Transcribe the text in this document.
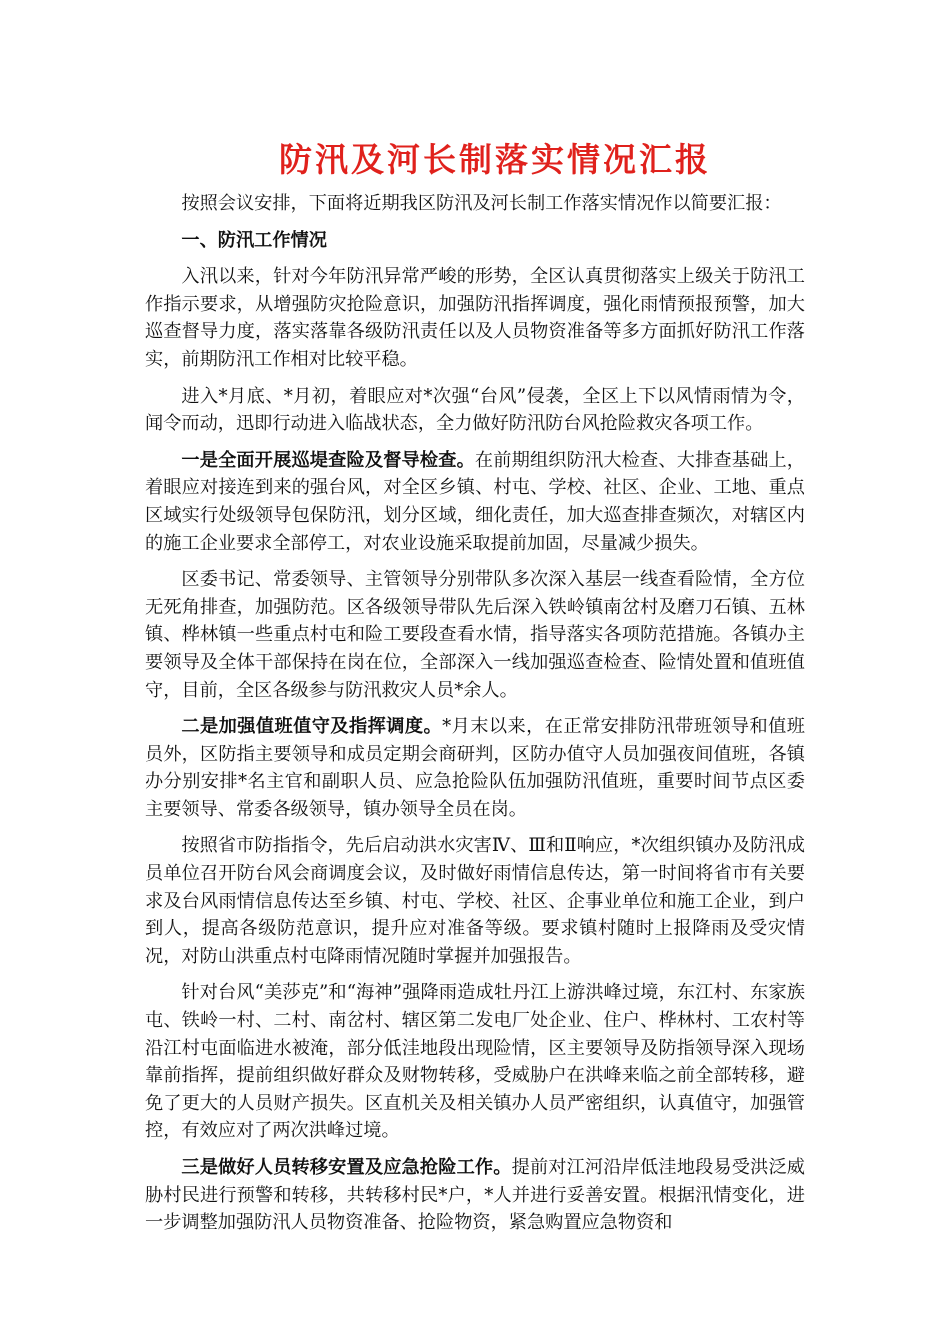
防汛及河长制落实情况汇报

按照会议安排，下面将近期我区防汛及河长制工作落实情况作以简要汇报：

一、防汛工作情况

入汛以来，针对今年防汛异常严峻的形势，全区认真贯彻落实上级关于防汛工作指示要求，从增强防灾抢险意识，加强防汛指挥调度，强化雨情预报预警，加大巡查督导力度，落实落靠各级防汛责任以及人员物资准备等多方面抓好防汛工作落实，前期防汛工作相对比较平稳。

进入*月底、*月初，着眼应对*次强“台风”侵袭，全区上下以风情雨情为令，闻令而动，迅即行动进入临战状态，全力做好防汛防台风抢险救灾各项工作。

一是全面开展巡堤查险及督导检查。在前期组织防汛大检查、大排查基础上，着眼应对接连到来的强台风，对全区乡镇、村屯、学校、社区、企业、工地、重点区域实行处级领导包保防汛，划分区域，细化责任，加大巡查排查频次，对辖区内的施工企业要求全部停工，对农业设施采取提前加固，尽量减少损失。

区委书记、常委领导、主管领导分别带队多次深入基层一线查看险情，全方位无死角排查，加强防范。区各级领导带队先后深入铁岭镇南岔村及磨刀石镇、五林镇、桦林镇一些重点村屯和险工要段查看水情，指导落实各项防范措施。各镇办主要领导及全体干部保持在岗在位，全部深入一线加强巡查检查、险情处置和值班值守，目前，全区各级参与防汛救灾人员*余人。

二是加强值班值守及指挥调度。*月末以来，在正常安排防汛带班领导和值班员外，区防指主要领导和成员定期会商研判，区防办值守人员加强夜间值班，各镇办分别安排*名主官和副职人员、应急抢险队伍加强防汛值班，重要时间节点区委主要领导、常委各级领导，镇办领导全员在岗。

按照省市防指指令，先后启动洪水灾害Ⅳ、Ⅲ和Ⅱ响应，*次组织镇办及防汛成员单位召开防台风会商调度会议，及时做好雨情信息传达，第一时间将省市有关要求及台风雨情信息传达至乡镇、村屯、学校、社区、企事业单位和施工企业，到户到人，提高各级防范意识，提升应对准备等级。要求镇村随时上报降雨及受灾情况，对防山洪重点村屯降雨情况随时掌握并加强报告。

针对台风“美莎克”和“海神”强降雨造成牡丹江上游洪峰过境，东江村、东家族屯、铁岭一村、二村、南岔村、辖区第二发电厂处企业、住户、桦林村、工农村等沿江村屯面临进水被淹，部分低洼地段出现险情，区主要领导及防指领导深入现场靠前指挥，提前组织做好群众及财物转移，受威胁户在洪峰来临之前全部转移，避免了更大的人员财产损失。区直机关及相关镇办人员严密组织，认真值守，加强管控，有效应对了两次洪峰过境。

三是做好人员转移安置及应急抢险工作。提前对江河沿岸低洼地段易受洪泛威胁村民进行预警和转移，共转移村民*户，*人并进行妥善安置。根据汛情变化，进一步调整加强防汛人员物资准备、抢险物资，紧急购置应急物资和
